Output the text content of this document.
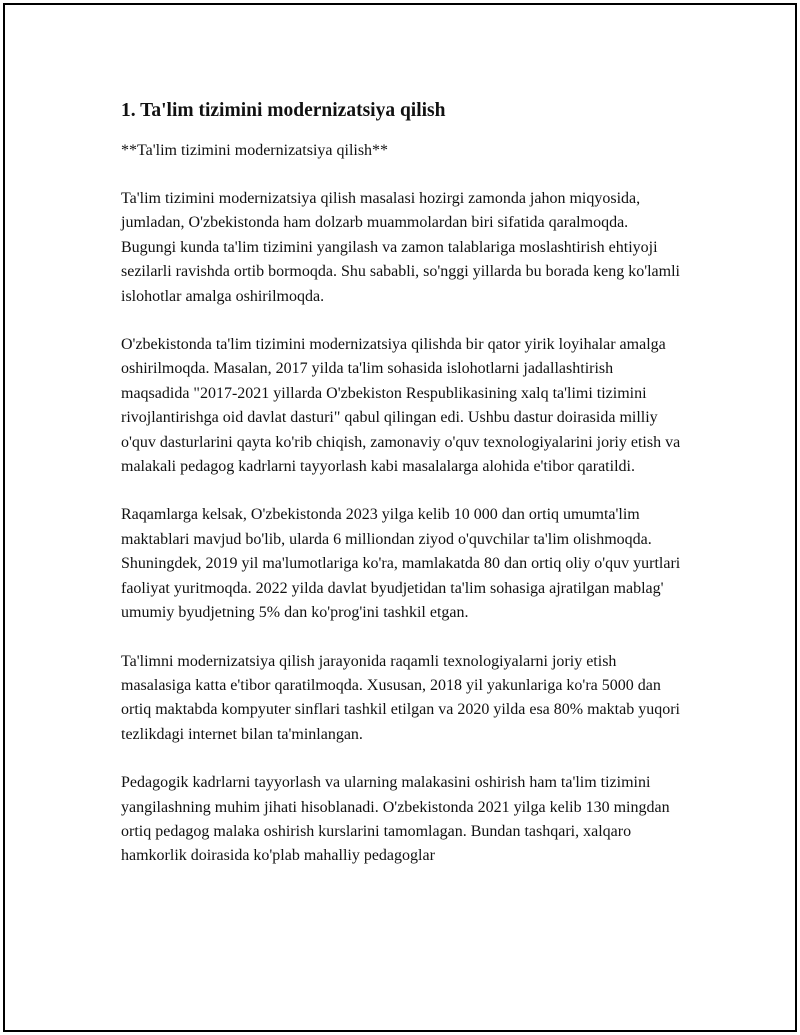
1. Ta'lim tizimini modernizatsiya qilish

**Ta'lim tizimini modernizatsiya qilish**

Ta'lim tizimini modernizatsiya qilish masalasi hozirgi zamonda jahon miqyosida, jumladan, O'zbekistonda ham dolzarb muammolardan biri sifatida qaralmoqda. Bugungi kunda ta'lim tizimini yangilash va zamon talablariga moslashtirish ehtiyoji sezilarli ravishda ortib bormoqda. Shu sababli, so'nggi yillarda bu borada keng ko'lamli islohotlar amalga oshirilmoqda.

O'zbekistonda ta'lim tizimini modernizatsiya qilishda bir qator yirik loyihalar amalga oshirilmoqda. Masalan, 2017 yilda ta'lim sohasida islohotlarni jadallashtirish maqsadida "2017-2021 yillarda O'zbekiston Respublikasining xalq ta'limi tizimini rivojlantirishga oid davlat dasturi" qabul qilingan edi. Ushbu dastur doirasida milliy o'quv dasturlarini qayta ko'rib chiqish, zamonaviy o'quv texnologiyalarini joriy etish va malakali pedagog kadrlarni tayyorlash kabi masalalarga alohida e'tibor qaratildi.

Raqamlarga kelsak, O'zbekistonda 2023 yilga kelib 10 000 dan ortiq umumta'lim maktablari mavjud bo'lib, ularda 6 milliondan ziyod o'quvchilar ta'lim olishmoqda. Shuningdek, 2019 yil ma'lumotlariga ko'ra, mamlakatda 80 dan ortiq oliy o'quv yurtlari faoliyat yuritmoqda. 2022 yilda davlat byudjetidan ta'lim sohasiga ajratilgan mablag' umumiy byudjetning 5% dan ko'prog'ini tashkil etgan.

Ta'limni modernizatsiya qilish jarayonida raqamli texnologiyalarni joriy etish masalasiga katta e'tibor qaratilmoqda. Xususan, 2018 yil yakunlariga ko'ra 5000 dan ortiq maktabda kompyuter sinflari tashkil etilgan va 2020 yilda esa 80% maktab yuqori tezlikdagi internet bilan ta'minlangan.

Pedagogik kadrlarni tayyorlash va ularning malakasini oshirish ham ta'lim tizimini yangilashning muhim jihati hisoblanadi. O'zbekistonda 2021 yilga kelib 130 mingdan ortiq pedagog malaka oshirish kurslarini tamomlagan. Bundan tashqari, xalqaro hamkorlik doirasida ko'plab mahalliy pedagoglar
